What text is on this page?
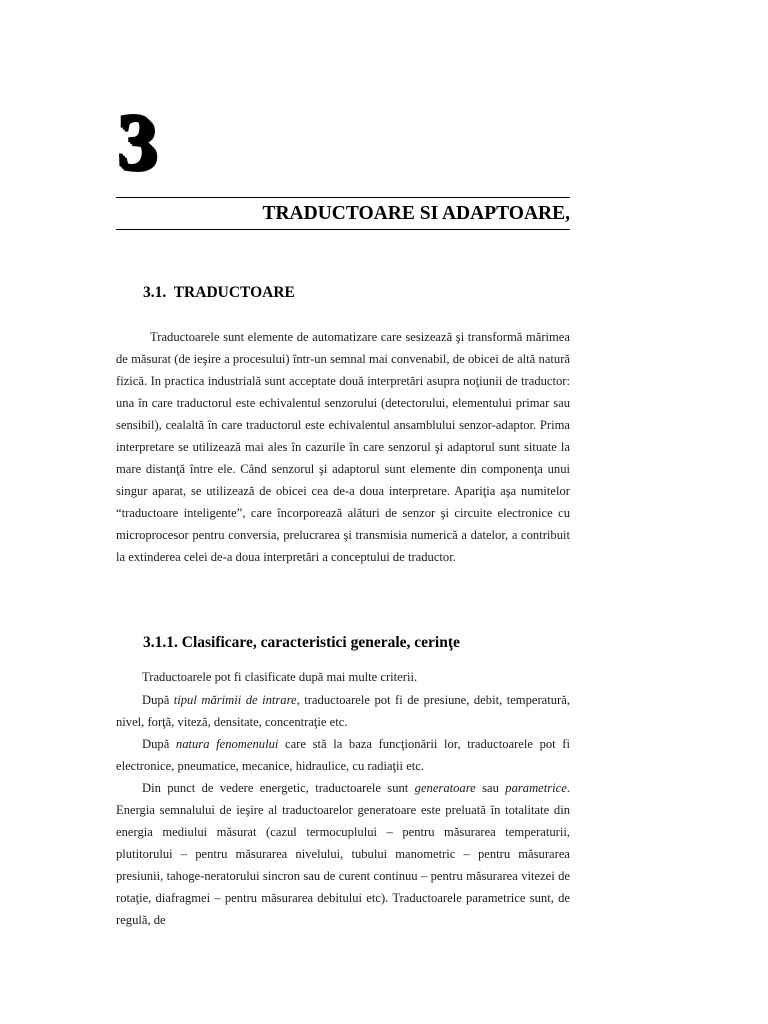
3
TRADUCTOARE SI ADAPTOARE,
3.1.  TRADUCTOARE

Traductoarele sunt elemente de automatizare care sesizează şi transformă mărimea de măsurat (de ieşire a procesului) într-un semnal mai convenabil, de obicei de altă natură fizică. In practica industrială sunt acceptate două interpretări asupra noţiunii de traductor: una în care traductorul este echivalentul senzorului (detectorului, elementului primar sau sensibil), cealaltă în care traductorul este echivalentul ansamblului senzor-adaptor. Prima interpretare se utilizează mai ales în cazurile în care senzorul şi adaptorul sunt situate la mare distanţă între ele. Când senzorul şi adaptorul sunt elemente din componenţa unui singur aparat, se utilizează de obicei cea de-a doua interpretare. Apariţia aşa numitelor “traductoare inteligente”, care încorporează alături de senzor şi circuite electronice cu microprocesor pentru conversia, prelucrarea şi transmisia numerică a datelor, a contribuit la extinderea celei de-a doua interpretări a conceptului de traductor.

3.1.1. Clasificare, caracteristici generale, cerinţe

Traductoarele pot fi clasificate după mai multe criterii.

După tipul mărimii de intrare, traductoarele pot fi de presiune, debit, temperatură, nivel, forţă, viteză, densitate, concentraţie etc.

După natura fenomenului care stă la baza funcţionării lor, traductoarele pot fi electronice, pneumatice, mecanice, hidraulice, cu radiaţii etc.

Din punct de vedere energetic, traductoarele sunt generatoare sau parametrice. Energia semnalului de ieşire al traductoarelor generatoare este preluată în totalitate din energia mediului măsurat (cazul termocuplului – pentru măsurarea temperaturii, plutitorului – pentru măsurarea nivelului, tubului manometric – pentru măsurarea presiunii, tahoge-neratorului sincron sau de curent continuu – pentru măsurarea vitezei de rotaţie, diafragmei – pentru măsurarea debitului etc). Traductoarele parametrice sunt, de regulă, de
